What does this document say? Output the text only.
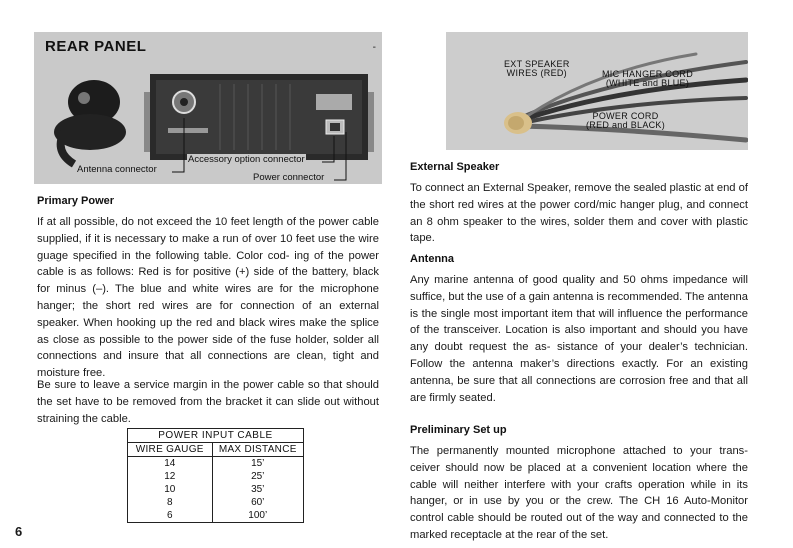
REAR PANEL	-
Antenna connector
Accessory option connector
Power connector
EXT SPEAKER
WIRES (RED)	MIC HANGER CORD
(WHITE and BLUE)
POWER CORD
(RED and BLACK)
Primary Power

If at all possible, do not exceed the 10 feet length of the power cable supplied, if it is necessary to make a run of over 10 feet use the wire guage specified in the following table. Color cod- ing of the power cable is as follows: Red is for positive (+) side of the battery, black for minus (–). The blue and white wires are for the microphone hanger; the short red wires are for connection of an external speaker. When hooking up the red and black wires make the splice as close as possible to the power side of the fuse holder, solder all connections and insure that all connections are clean, tight and moisture free.

Be sure to leave a service margin in the power cable so that should the set have to be removed from the bracket it can slide out without straining the cable.

POWER INPUT CABLE
WIRE GAUGE	MAX DISTANCE
14	15’
12	25’
10	35’
8	60’
6	100’
6
External Speaker

To connect an External Speaker, remove the sealed plastic at end of the short red wires at the power cord/mic hanger plug, and connect an 8 ohm speaker to the wires, solder them and cover with plastic tape.

Antenna

Any marine antenna of good quality and 50 ohms impedance will suffice, but the use of a gain antenna is recommended. The antenna is the single most important item that will influence the performance of the transceiver. Location is also important and should you have any doubt request the as- sistance of your dealer’s technician. Follow the antenna maker’s directions exactly. For an existing antenna, be sure that all connections are corrosion free and that all are firmly seated.

Preliminary Set up

The permanently mounted microphone attached to your trans- ceiver should now be placed at a convenient location where the cable will neither interfere with your crafts operation while in its hanger, or in use by you or the crew. The CH 16 Auto-Monitor control cable should be routed out of the way and connected to the marked receptacle at the rear of the set.
